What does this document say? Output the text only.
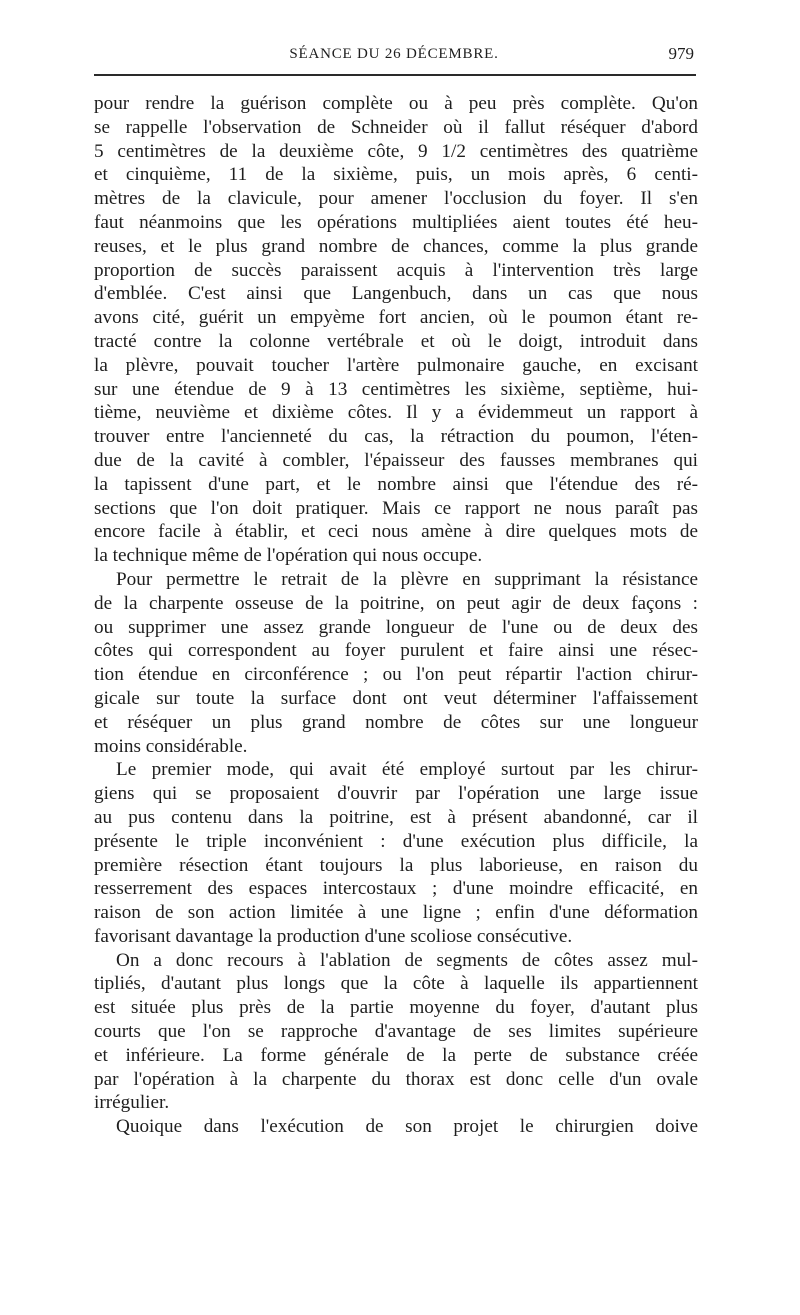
SÉANCE DU 26 DÉCEMBRE.	979
pour rendre la guérison complète ou à peu près complète. Qu'on
se rappelle l'observation de Schneider où il fallut réséquer d'abord
5 centimètres de la deuxième côte, 9 1/2 centimètres des quatrième
et cinquième, 11 de la sixième, puis, un mois après, 6 centi-
mètres de la clavicule, pour amener l'occlusion du foyer. Il s'en
faut néanmoins que les opérations multipliées aient toutes été heu-
reuses, et le plus grand nombre de chances, comme la plus grande
proportion de succès paraissent acquis à l'intervention très large
d'emblée. C'est ainsi que Langenbuch, dans un cas que nous
avons cité, guérit un empyème fort ancien, où le poumon étant re-
tracté contre la colonne vertébrale et où le doigt, introduit dans
la plèvre, pouvait toucher l'artère pulmonaire gauche, en excisant
sur une étendue de 9 à 13 centimètres les sixième, septième, hui-
tième, neuvième et dixième côtes. Il y a évidemmeut un rapport à
trouver entre l'ancienneté du cas, la rétraction du poumon, l'éten-
due de la cavité à combler, l'épaisseur des fausses membranes qui
la tapissent d'une part, et le nombre ainsi que l'étendue des ré-
sections que l'on doit pratiquer. Mais ce rapport ne nous paraît pas
encore facile à établir, et ceci nous amène à dire quelques mots de
la technique même de l'opération qui nous occupe.
Pour permettre le retrait de la plèvre en supprimant la résistance
de la charpente osseuse de la poitrine, on peut agir de deux façons :
ou supprimer une assez grande longueur de l'une ou de deux des
côtes qui correspondent au foyer purulent et faire ainsi une résec-
tion étendue en circonférence ; ou l'on peut répartir l'action chirur-
gicale sur toute la surface dont ont veut déterminer l'affaissement
et réséquer un plus grand nombre de côtes sur une longueur
moins considérable.
Le premier mode, qui avait été employé surtout par les chirur-
giens qui se proposaient d'ouvrir par l'opération une large issue
au pus contenu dans la poitrine, est à présent abandonné, car il
présente le triple inconvénient : d'une exécution plus difficile, la
première résection étant toujours la plus laborieuse, en raison du
resserrement des espaces intercostaux ; d'une moindre efficacité, en
raison de son action limitée à une ligne ; enfin d'une déformation
favorisant davantage la production d'une scoliose consécutive.
On a donc recours à l'ablation de segments de côtes assez mul-
tipliés, d'autant plus longs que la côte à laquelle ils appartiennent
est située plus près de la partie moyenne du foyer, d'autant plus
courts que l'on se rapproche d'avantage de ses limites supérieure
et inférieure. La forme générale de la perte de substance créée
par l'opération à la charpente du thorax est donc celle d'un ovale
irrégulier.
Quoique dans l'exécution de son projet le chirurgien doive
